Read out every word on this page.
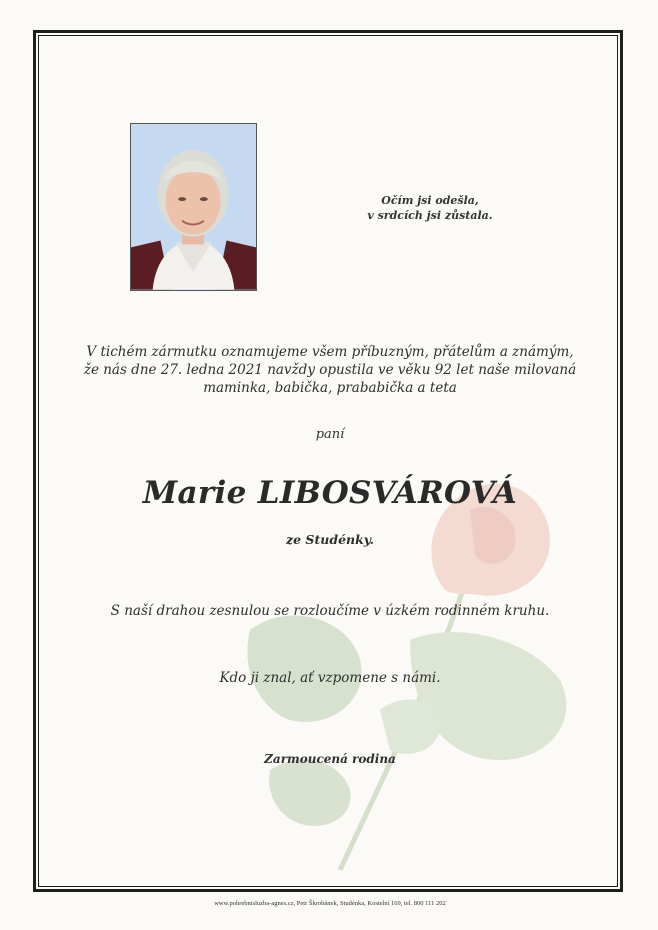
Očím jsi odešla,
v srdcích jsi zůstala.
V tichém zármutku oznamujeme všem příbuzným, přátelům a známým,
že nás dne 27. ledna 2021 navždy opustila ve věku 92 let naše milovaná
maminka, babička, prababička a teta
paní
Marie LIBOSVÁROVÁ
ze Studénky.
S naší drahou zesnulou se rozloučíme v úzkém rodinném kruhu.
Kdo ji znal, ať vzpomene s námi.
Zarmoucená rodina
www.pohrebnisluzba-agnes.cz, Petr Škrobánek, Studénka, Kostelní 169, tel. 800 111 202
